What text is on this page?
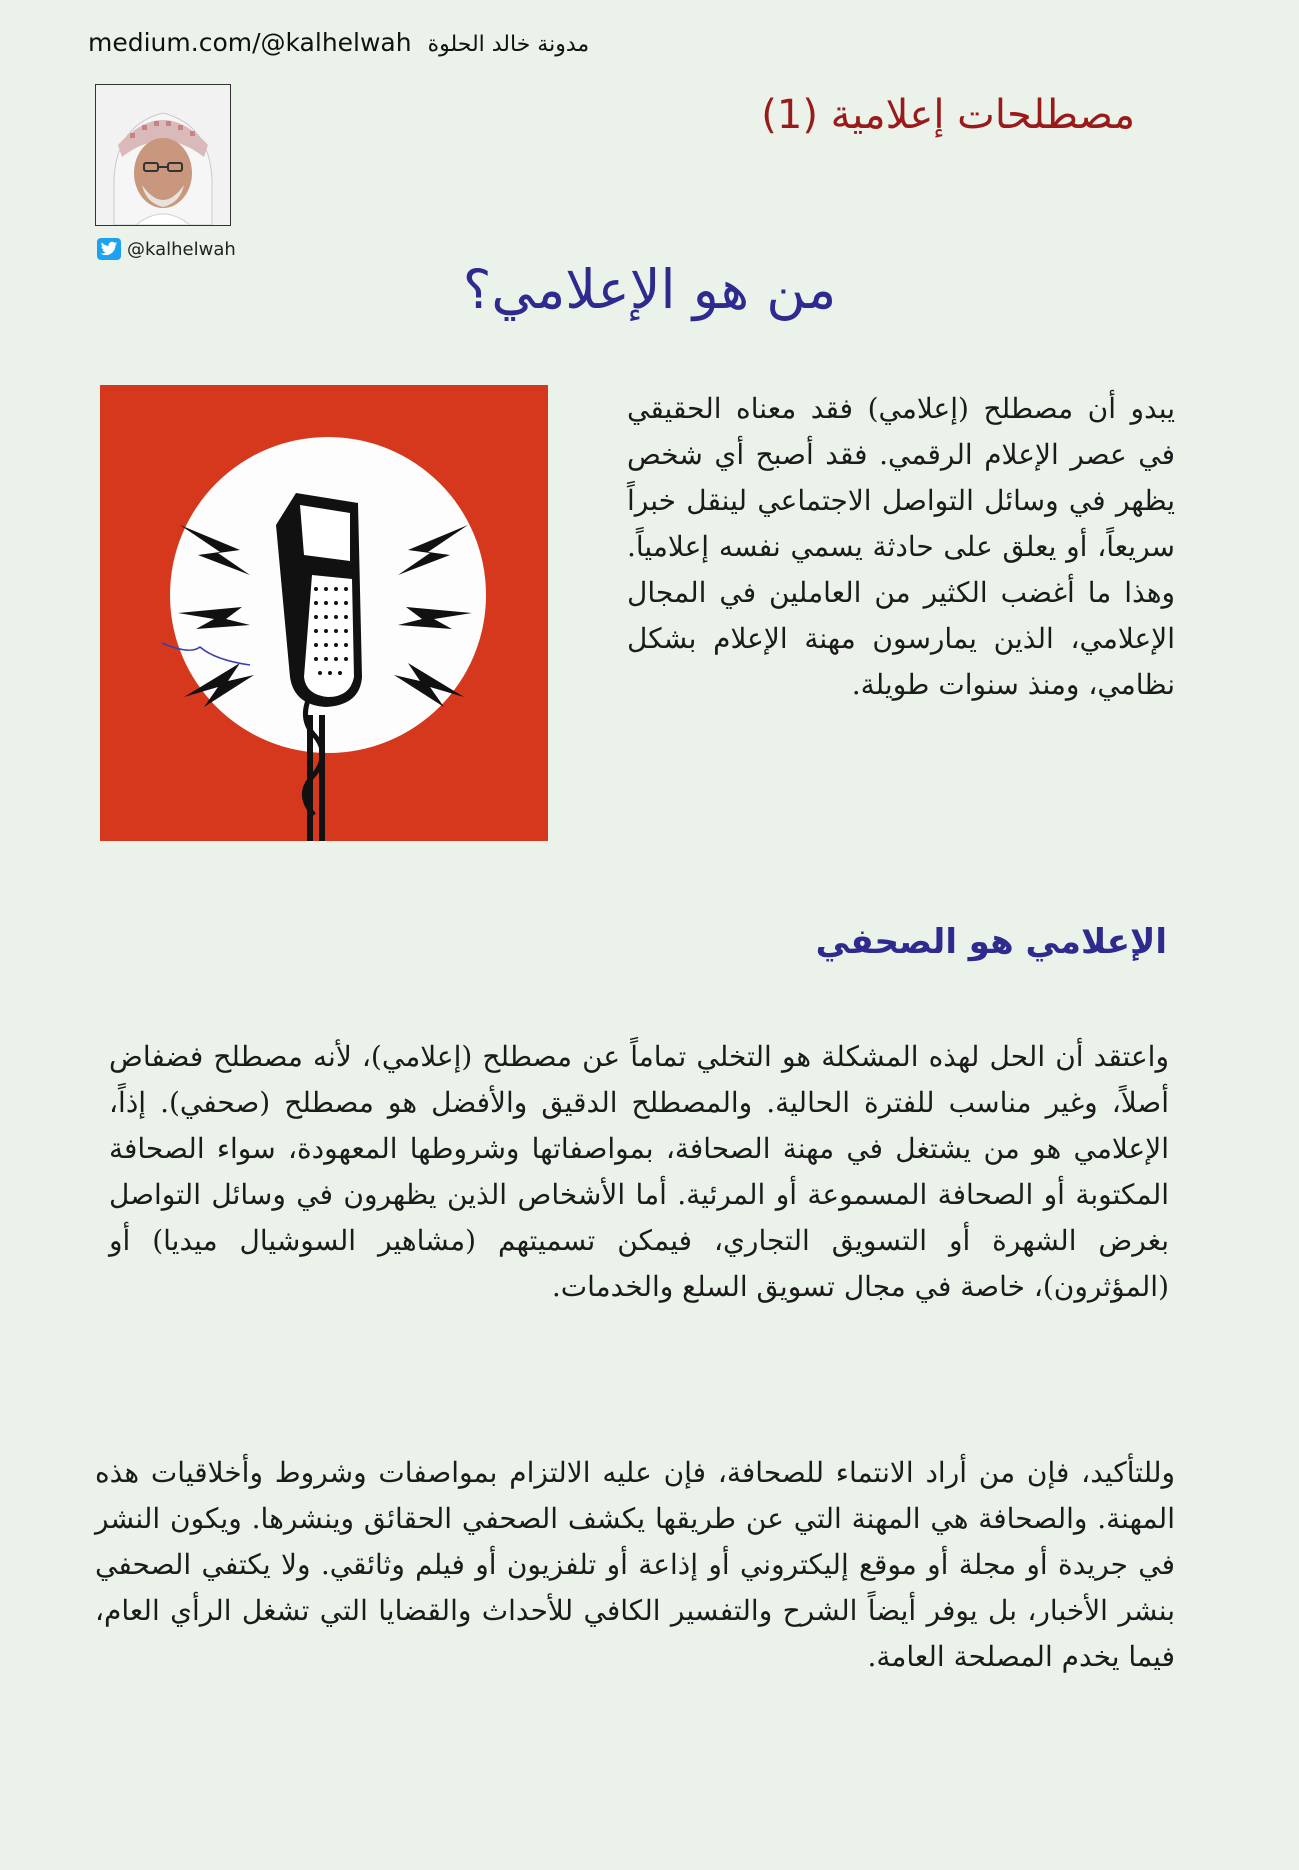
medium.com/@kalhelwah مدونة خالد الحلوة
@kalhelwah
مصطلحات إعلامية (1)
من هو الإعلامي؟

يبدو أن مصطلح (إعلامي) فقد معناه الحقيقي في عصر الإعلام الرقمي. فقد أصبح أي شخص يظهر في وسائل التواصل الاجتماعي لينقل خبراً سريعاً، أو يعلق على حادثة يسمي نفسه إعلامياً. وهذا ما أغضب الكثير من العاملين في المجال الإعلامي، الذين يمارسون مهنة الإعلام بشكل نظامي، ومنذ سنوات طويلة.

الإعلامي هو الصحفي

واعتقد أن الحل لهذه المشكلة هو التخلي تماماً عن مصطلح (إعلامي)، لأنه مصطلح فضفاض أصلاً، وغير مناسب للفترة الحالية. والمصطلح الدقيق والأفضل هو مصطلح (صحفي). إذاً، الإعلامي هو من يشتغل في مهنة الصحافة، بمواصفاتها وشروطها المعهودة، سواء الصحافة المكتوبة أو الصحافة المسموعة أو المرئية. أما الأشخاص الذين يظهرون في وسائل التواصل بغرض الشهرة أو التسويق التجاري، فيمكن تسميتهم (مشاهير السوشيال ميديا) أو (المؤثرون)، خاصة في مجال تسويق السلع والخدمات.

وللتأكيد، فإن من أراد الانتماء للصحافة، فإن عليه الالتزام بمواصفات وشروط وأخلاقيات هذه المهنة. والصحافة هي المهنة التي عن طريقها يكشف الصحفي الحقائق وينشرها. ويكون النشر في جريدة أو مجلة أو موقع إليكتروني أو إذاعة أو تلفزيون أو فيلم وثائقي. ولا يكتفي الصحفي بنشر الأخبار، بل يوفر أيضاً الشرح والتفسير الكافي للأحداث والقضايا التي تشغل الرأي العام، فيما يخدم المصلحة العامة.
